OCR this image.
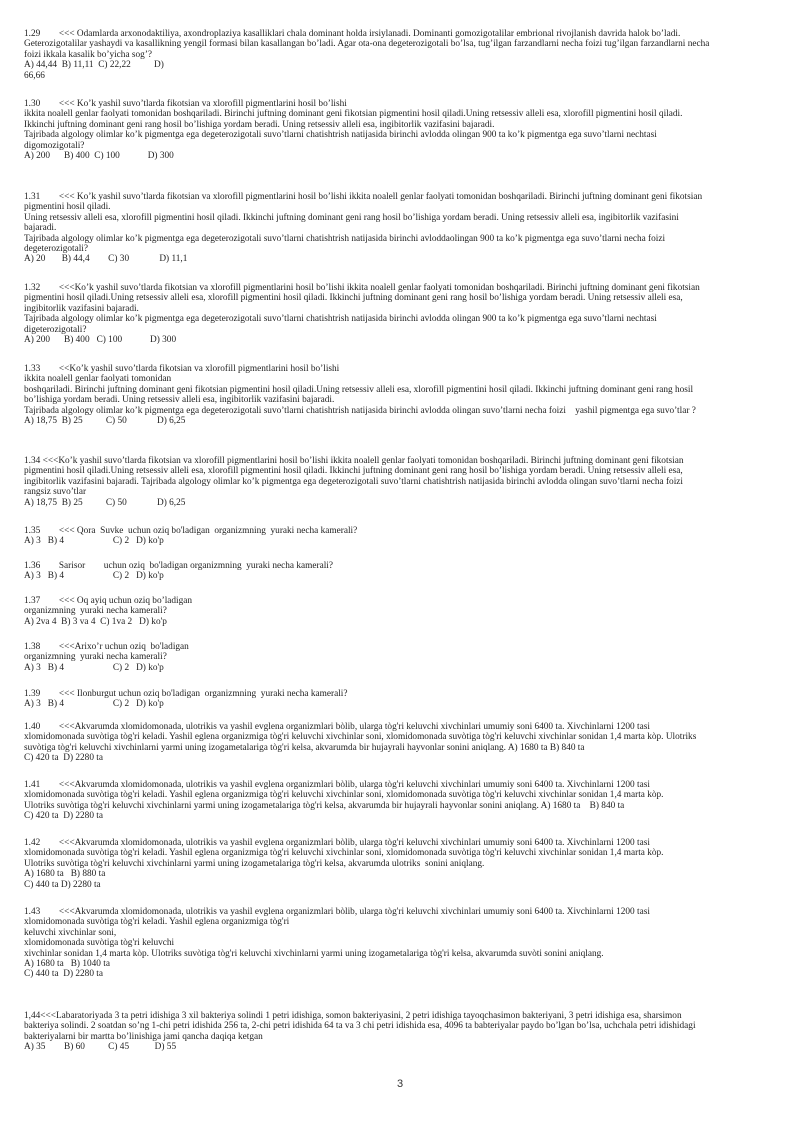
1.29        <<< Odamlarda arxonodaktiliya, axondroplaziya kasalliklari chala dominant holda irsiylanadi. Dominanti gomozigotalilar embrional rivojlanish davrida halok bo’ladi.

Geterozigotalilar yashaydi va kasallikning yengil formasi bilan kasallangan bo’ladi. Agar ota-ona degeterozigotali bo’lsa, tug’ilgan farzandlarni necha foizi tug’ilgan farzandlarni necha

foizi ikkala kasalik bo’yicha sog’?

A) 44,44  B) 11,11  C) 22,22          D)

66,66

1.30        <<< Ko’k yashil suvo’tlarda fikotsian va xlorofill pigmentlarini hosil bo’lishi

ikkita noalell genlar faolyati tomonidan boshqariladi. Birinchi juftning dominant geni fikotsian pigmentini hosil qiladi.Uning retsessiv alleli esa, xlorofill pigmentini hosil qiladi.

Ikkinchi juftning dominant geni rang hosil bo’lishiga yordam beradi. Uning retsessiv alleli esa, ingibitorlik vazifasini bajaradi.

Tajribada algology olimlar ko’k pigmentga ega degeterozigotali suvo’tlarni chatishtrish natijasida birinchi avlodda olingan 900 ta ko’k pigmentga ega suvo’tlarni nechtasi

digomozigotali?

A) 200      B) 400  C) 100            D) 300

1.31        <<< Ko’k yashil suvo’tlarda fikotsian va xlorofill pigmentlarini hosil bo’lishi ikkita noalell genlar faolyati tomonidan boshqariladi. Birinchi juftning dominant geni fikotsian

pigmentini hosil qiladi.

Uning retsessiv alleli esa, xlorofill pigmentini hosil qiladi. Ikkinchi juftning dominant geni rang hosil bo’lishiga yordam beradi. Uning retsessiv alleli esa, ingibitorlik vazifasini

bajaradi.

Tajribada algology olimlar ko’k pigmentga ega degeterozigotali suvo’tlarni chatishtrish natijasida birinchi avloddaolingan 900 ta ko’k pigmentga ega suvo’tlarni necha foizi

degeterozigotali?

A) 20       B) 44,4        C) 30             D) 11,1

1.32        <<<Ko’k yashil suvo’tlarda fikotsian va xlorofill pigmentlarini hosil bo’lishi ikkita noalell genlar faolyati tomonidan boshqariladi. Birinchi juftning dominant geni fikotsian

pigmentini hosil qiladi.Uning retsessiv alleli esa, xlorofill pigmentini hosil qiladi. Ikkinchi juftning dominant geni rang hosil bo’lishiga yordam beradi. Uning retsessiv alleli esa,

ingibitorlik vazifasini bajaradi.

Tajribada algology olimlar ko’k pigmentga ega degeterozigotali suvo’tlarni chatishtrish natijasida birinchi avlodda olingan 900 ta ko’k pigmentga ega suvo’tlarni nechtasi

digeterozigotali?

A) 200      B) 400   C) 100            D) 300

1.33        <<Ko’k yashil suvo’tlarda fikotsian va xlorofill pigmentlarini hosil bo’lishi

ikkita noalell genlar faolyati tomonidan

boshqariladi. Birinchi juftning dominant geni fikotsian pigmentini hosil qiladi.Uning retsessiv alleli esa, xlorofill pigmentini hosil qiladi. Ikkinchi juftning dominant geni rang hosil

bo’lishiga yordam beradi. Uning retsessiv alleli esa, ingibitorlik vazifasini bajaradi.

Tajribada algology olimlar ko’k pigmentga ega degeterozigotali suvo’tlarni chatishtrish natijasida birinchi avlodda olingan suvo’tlarni necha foizi    yashil pigmentga ega suvo’tlar ?

A) 18,75  B) 25          C) 50             D) 6,25

1.34 <<<Ko’k yashil suvo’tlarda fikotsian va xlorofill pigmentlarini hosil bo’lishi ikkita noalell genlar faolyati tomonidan boshqariladi. Birinchi juftning dominant geni fikotsian

pigmentini hosil qiladi.Uning retsessiv alleli esa, xlorofill pigmentini hosil qiladi. Ikkinchi juftning dominant geni rang hosil bo’lishiga yordam beradi. Uning retsessiv alleli esa,

ingibitorlik vazifasini bajaradi. Tajribada algology olimlar ko’k pigmentga ega degeterozigotali suvo’tlarni chatishtrish natijasida birinchi avlodda olingan suvo’tlarni necha foizi

rangsiz suvo’tlar

A) 18,75  B) 25          C) 50             D) 6,25

1.35        <<< Qora  Suvke  uchun oziq bo'ladigan  organizmning  yuraki necha kamerali?

A) 3   B) 4                     C) 2   D) ko'p

1.36        Sarisor        uchun oziq  bo'ladigan organizmning  yuraki necha kamerali?

A) 3   B) 4                     C) 2   D) ko'p

1.37        <<< Oq ayiq uchun oziq bo’ladigan

organizmning  yuraki necha kamerali?

A) 2va 4  B) 3 va 4  C) 1va 2   D) ko'p

1.38        <<<Arixo’r uchun oziq  bo'ladigan

organizmning  yuraki necha kamerali?

A) 3   B) 4                     C) 2   D) ko'p

1.39        <<< Ilonburgut uchun oziq bo'ladigan  organizmning  yuraki necha kamerali?

A) 3   B) 4                     C) 2   D) ko'p

1.40        <<<Akvarumda xlomidomonada, ulotrikis va yashil evglena organizmlari bòlib, ularga tòg'ri keluvchi xivchinlari umumiy soni 6400 ta. Xivchinlarni 1200 tasi

xlomidomonada suvòtiga tòg'ri keladi. Yashil eglena organizmiga tòg'ri keluvchi xivchinlar soni, xlomidomonada suvòtiga tòg'ri keluvchi xivchinlar sonidan 1,4 marta kòp. Ulotriks

suvòtiga tòg'ri keluvchi xivchinlarni yarmi uning izogametalariga tòg'ri kelsa, akvarumda bir hujayrali hayvonlar sonini aniqlang. A) 1680 ta B) 840 ta

C) 420 ta  D) 2280 ta

1.41        <<<Akvarumda xlomidomonada, ulotrikis va yashil evglena organizmlari bòlib, ularga tòg'ri keluvchi xivchinlari umumiy soni 6400 ta. Xivchinlarni 1200 tasi

xlomidomonada suvòtiga tòg'ri keladi. Yashil eglena organizmiga tòg'ri keluvchi xivchinlar soni, xlomidomonada suvòtiga tòg'ri keluvchi xivchinlar sonidan 1,4 marta kòp.

Ulotriks suvòtiga tòg'ri keluvchi xivchinlarni yarmi uning izogametalariga tòg'ri kelsa, akvarumda bir hujayrali hayvonlar sonini aniqlang. A) 1680 ta    B) 840 ta

C) 420 ta  D) 2280 ta

1.42        <<<Akvarumda xlomidomonada, ulotrikis va yashil evglena organizmlari bòlib, ularga tòg'ri keluvchi xivchinlari umumiy soni 6400 ta. Xivchinlarni 1200 tasi

xlomidomonada suvòtiga tòg'ri keladi. Yashil eglena organizmiga tòg'ri keluvchi xivchinlar soni, xlomidomonada suvòtiga tòg'ri keluvchi xivchinlar sonidan 1,4 marta kòp.

Ulotriks suvòtiga tòg'ri keluvchi xivchinlarni yarmi uning izogametalariga tòg'ri kelsa, akvarumda ulotriks  sonini aniqlang.

A) 1680 ta   B) 880 ta

C) 440 ta D) 2280 ta

1.43        <<<Akvarumda xlomidomonada, ulotrikis va yashil evglena organizmlari bòlib, ularga tòg'ri keluvchi xivchinlari umumiy soni 6400 ta. Xivchinlarni 1200 tasi

xlomidomonada suvòtiga tòg'ri keladi. Yashil eglena organizmiga tòg'ri

keluvchi xivchinlar soni,

xlomidomonada suvòtiga tòg'ri keluvchi

xivchinlar sonidan 1,4 marta kòp. Ulotriks suvòtiga tòg'ri keluvchi xivchinlarni yarmi uning izogametalariga tòg'ri kelsa, akvarumda suvòti sonini aniqlang.

A) 1680 ta   B) 1040 ta

C) 440 ta  D) 2280 ta

1,44<<<Labaratoriyada 3 ta petri idishiga 3 xil bakteriya solindi 1 petri idishiga, somon bakteriyasini, 2 petri idishiga tayoqchasimon bakteriyani, 3 petri idishiga esa, sharsimon

bakteriya solindi. 2 soatdan so’ng 1-chi petri idishida 256 ta, 2-chi petri idishida 64 ta va 3 chi petri idishida esa, 4096 ta babteriyalar paydo bo’lgan bo’lsa, uchchala petri idishidagi

bakteriyalarni bir martta bo’linishiga jami qancha daqiqa ketgan

A) 35        B) 60          C) 45           D) 55

3
